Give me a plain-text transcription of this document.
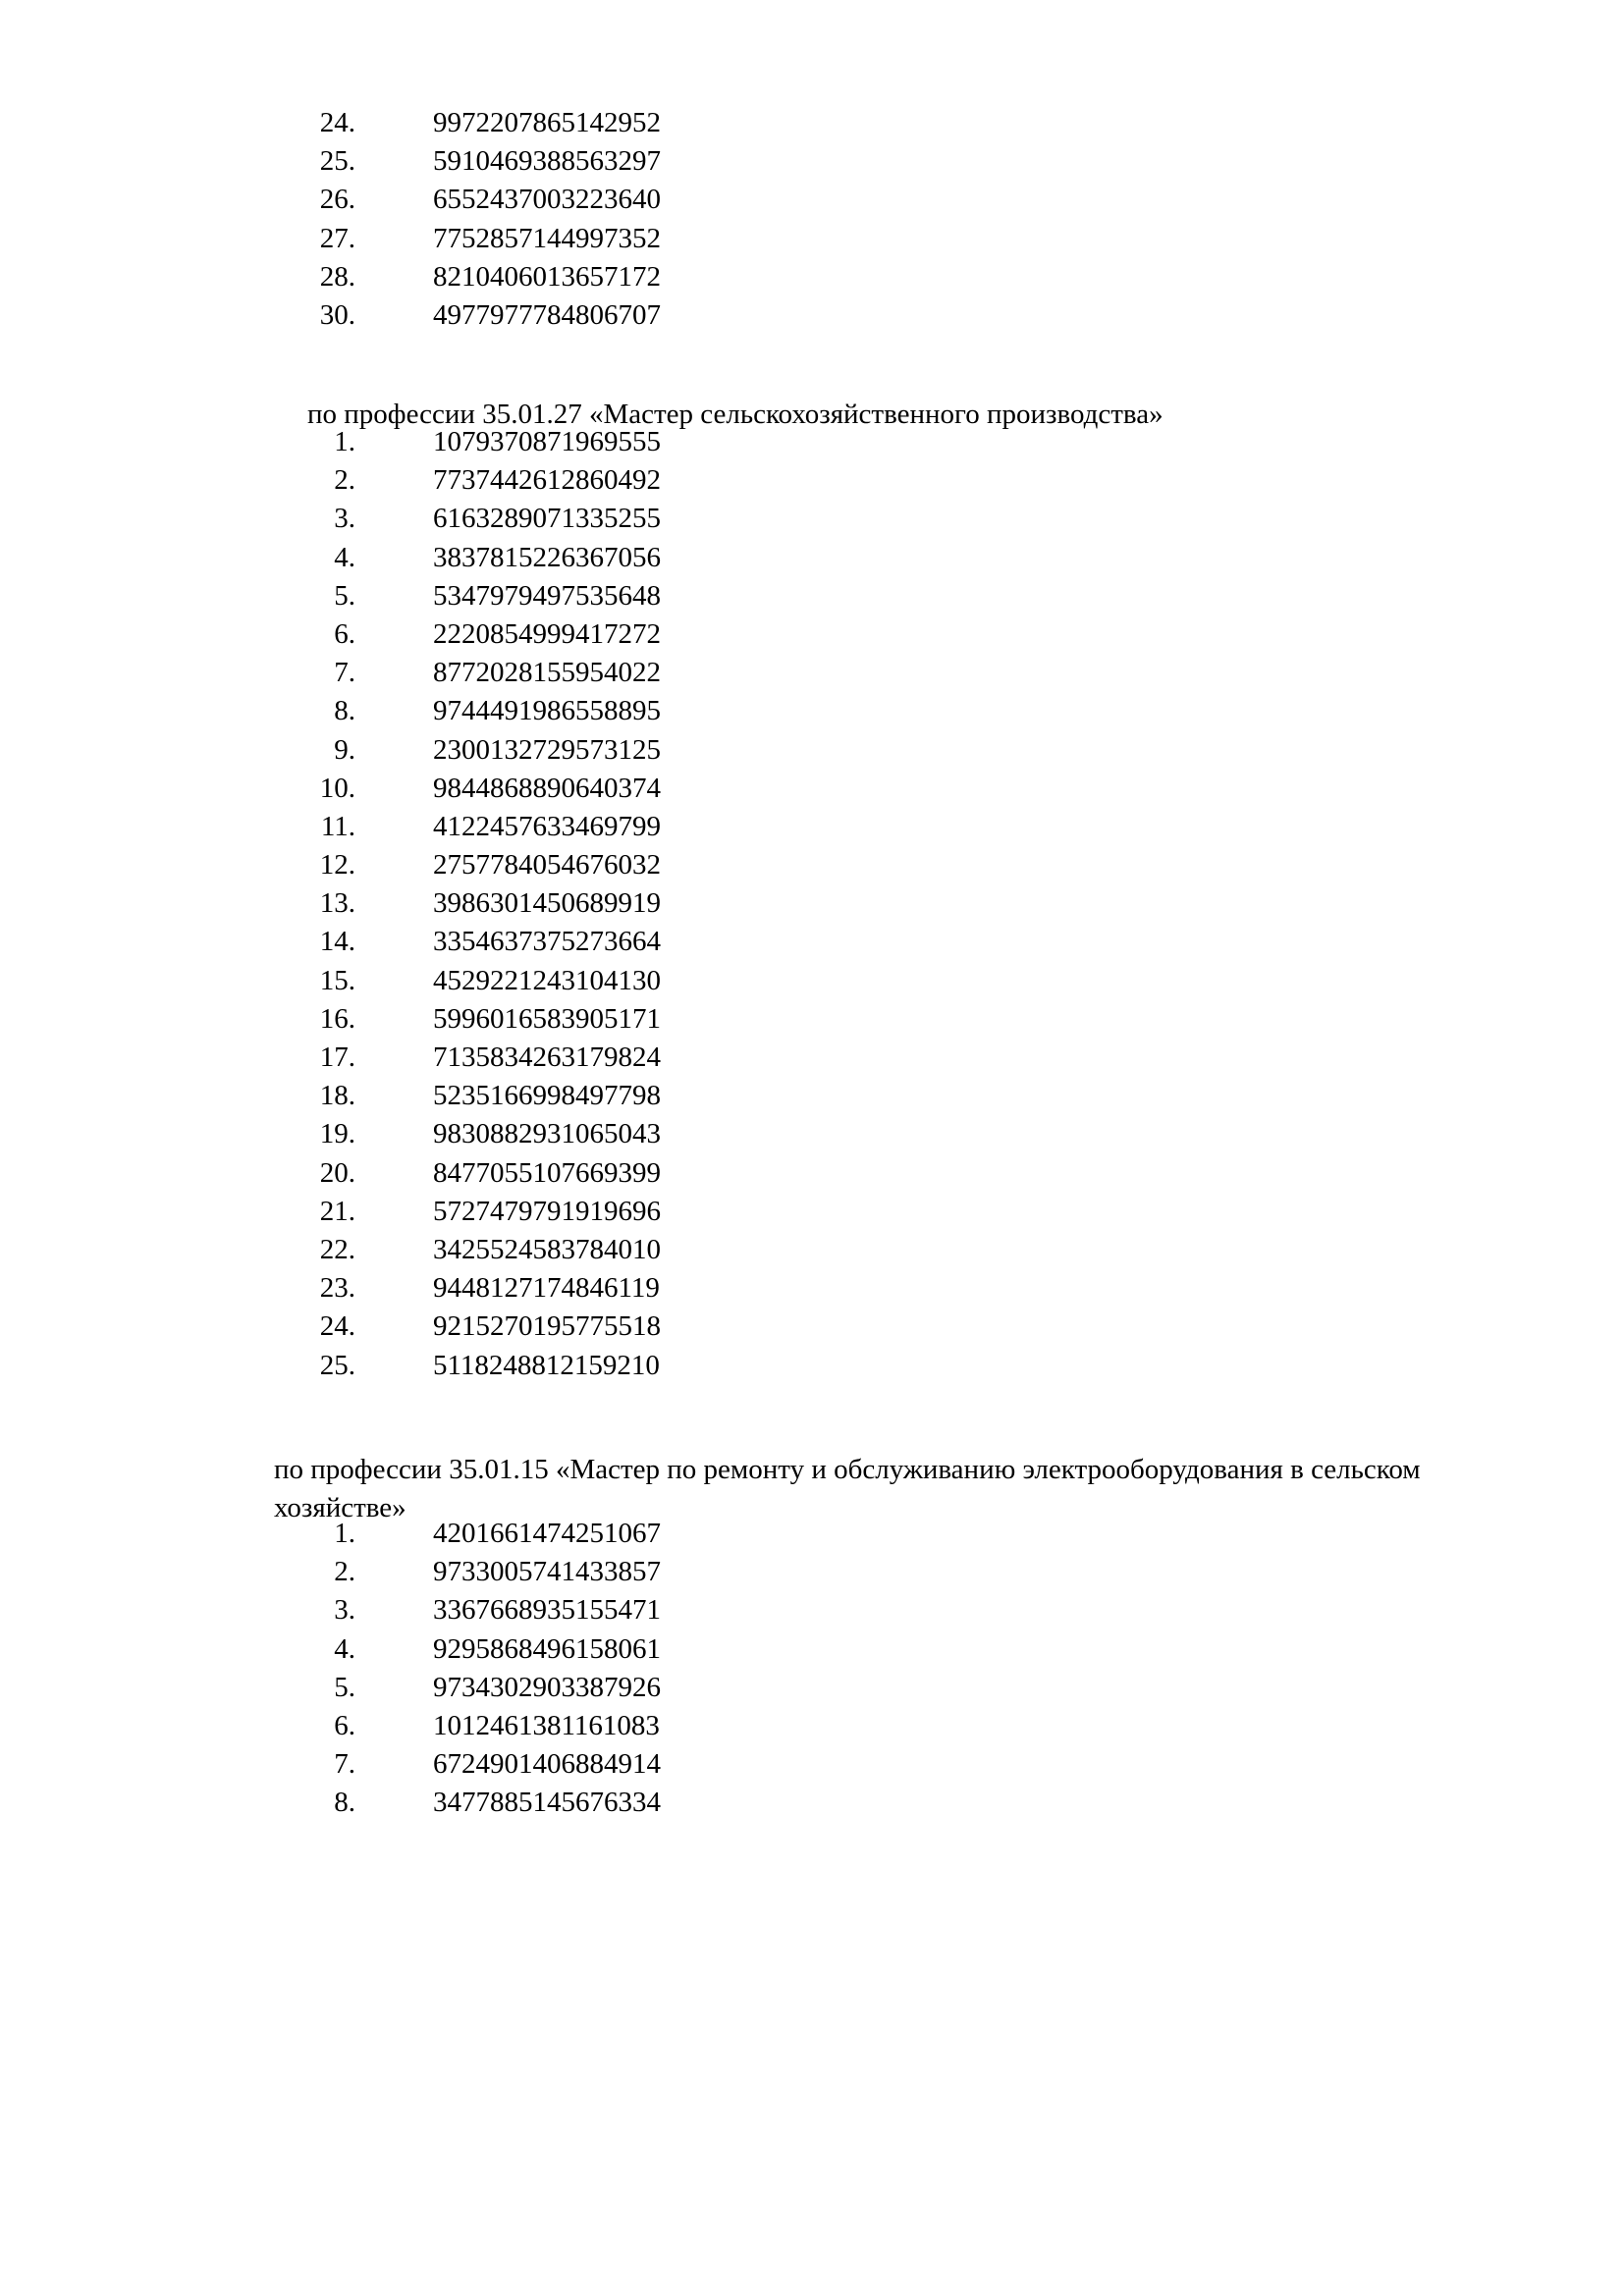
24.	9972207865142952
25.	5910469388563297
26.	6552437003223640
27.	7752857144997352
28.	8210406013657172
30.	4977977784806707
по профессии 35.01.27 «Мастер сельскохозяйственного производства»
1.	1079370871969555
2.	7737442612860492
3.	6163289071335255
4.	3837815226367056
5.	5347979497535648
6.	2220854999417272
7.	8772028155954022
8.	9744491986558895
9.	2300132729573125
10.	9844868890640374
11.	4122457633469799
12.	2757784054676032
13.	3986301450689919
14.	3354637375273664
15.	4529221243104130
16.	5996016583905171
17.	7135834263179824
18.	5235166998497798
19.	9830882931065043
20.	8477055107669399
21.	5727479791919696
22.	3425524583784010
23.	9448127174846119
24.	9215270195775518
25.	5118248812159210
по профессии 35.01.15 «Мастер по ремонту и обслуживанию электрооборудования в сельском хозяйстве»
1.	4201661474251067
2.	9733005741433857
3.	3367668935155471
4.	9295868496158061
5.	9734302903387926
6.	1012461381161083
7.	6724901406884914
8.	3477885145676334
